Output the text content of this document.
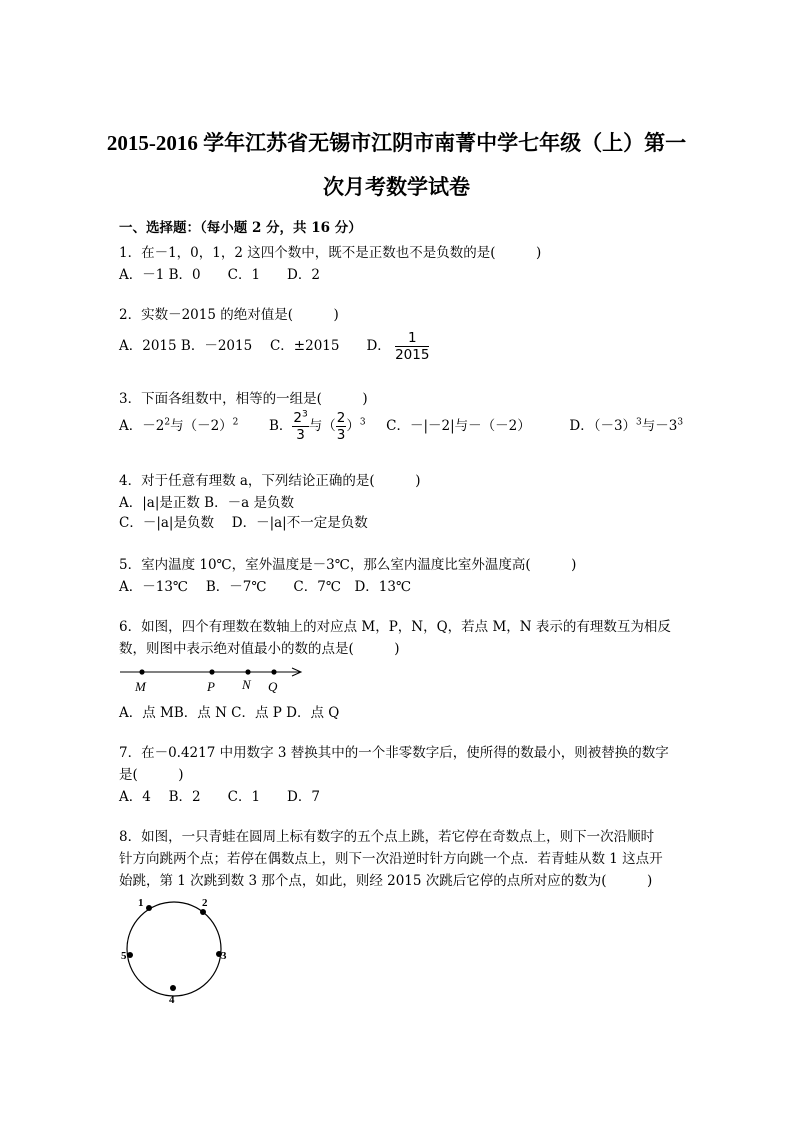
2015-2016 学年江苏省无锡市江阴市南菁中学七年级（上）第一
次月考数学试卷
一、选择题：（每小题 2 分，共 16 分）
1．在－1，0，1，2 这四个数中，既不是正数也不是负数的是(　　　)
A．－1 B．0　　C．1　　D．2
2．实数－2015 的绝对值是(　　　)
A．2015 B．－2015　 C．±2015　　D． $\frac{1}{2015}$
3．下面各组数中，相等的一组是(　　　)
A．$-2^2$与$(-2)^2$ B． $\frac{2^3}{3}$ 与（ $\frac{2}{3} )^3$ C．－|－2|与－（－2）	D．$(-3)^3$与$-3^3$
4．对于任意有理数 a，下列结论正确的是(　　　)
A．|a|是正数 B．－a 是负数
C．－|a|是负数　 D．－|a|不一定是负数
5．室内温度 10℃，室外温度是－3℃，那么室内温度比室外温度高(　　　)
A．－13℃　 B．－7℃　　C．7℃　D．13℃
6．如图，四个有理数在数轴上的对应点 M，P，N，Q，若点 M，N 表示的有理数互为相反
数，则图中表示绝对值最小的数的点是(　　　)
M	P N Q
A．点 MB．点 N C．点 P D．点 Q
7．在－0.4217 中用数字 3 替换其中的一个非零数字后，使所得的数最小，则被替换的数字
是(　　　)
A．4　 B．2　　C．1　　D．7
8．如图，一只青蛙在圆周上标有数字的五个点上跳，若它停在奇数点上，则下一次沿顺时
针方向跳两个点；若停在偶数点上，则下一次沿逆时针方向跳一个点．若青蛙从数 1 这点开
始跳，第 1 次跳到数 3 那个点，如此，则经 2015 次跳后它停的点所对应的数为(　　　)
1	2
3
4
5
